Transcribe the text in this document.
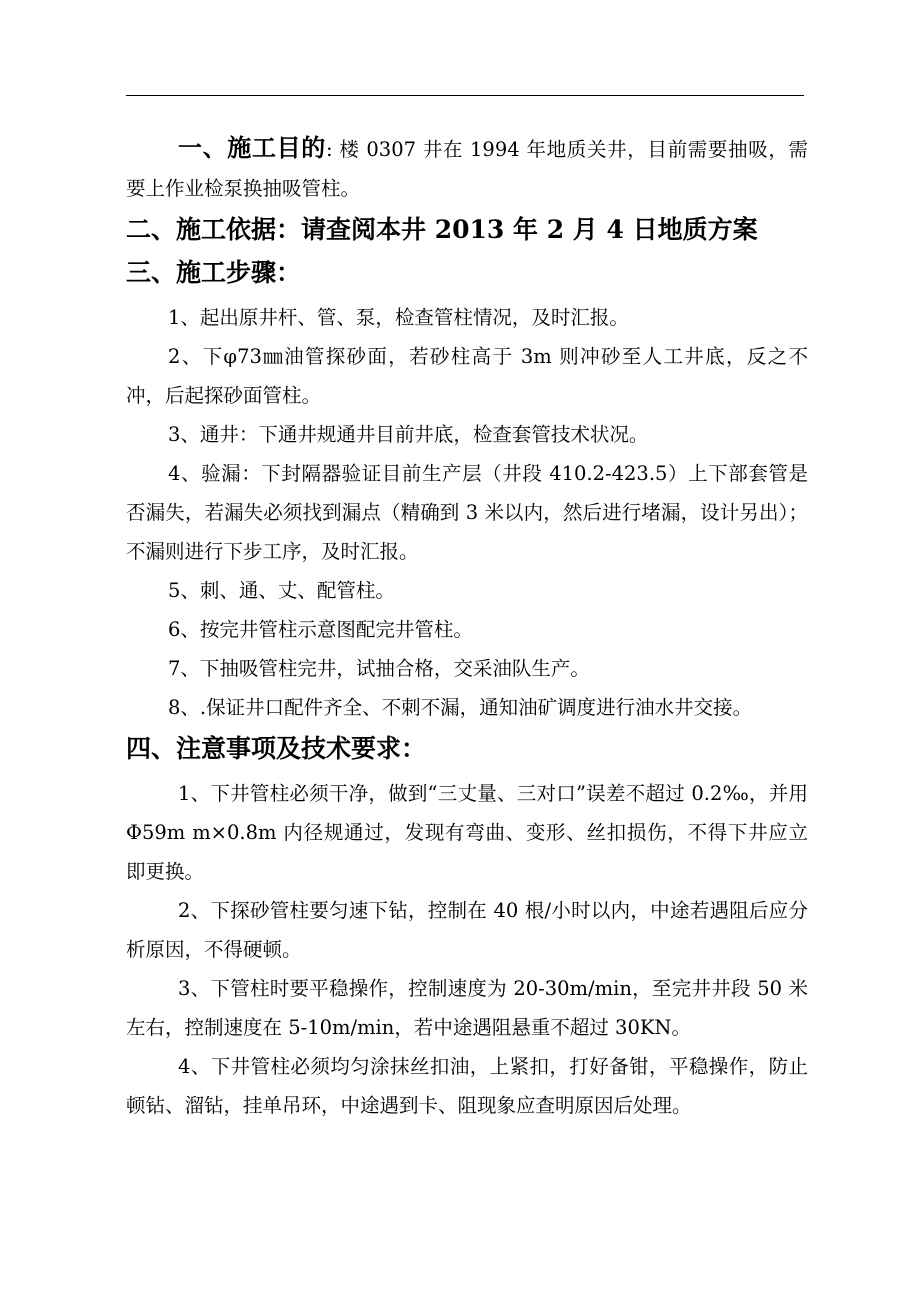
一、施工目的: 楼 0307 井在 1994 年地质关井，目前需要抽吸，需要上作业检泵换抽吸管柱。

二、施工依据：请查阅本井 2013 年 2 月 4 日地质方案

三、施工步骤：

1、起出原井杆、管、泵，检查管柱情况，及时汇报。

2、下φ73㎜油管探砂面，若砂柱高于 3m 则冲砂至人工井底，反之不冲，后起探砂面管柱。

3、通井：下通井规通井目前井底，检查套管技术状况。

4、验漏：下封隔器验证目前生产层（井段 410.2-423.5）上下部套管是否漏失，若漏失必须找到漏点（精确到 3 米以内，然后进行堵漏，设计另出）；不漏则进行下步工序，及时汇报。

5、刺、通、丈、配管柱。

6、按完井管柱示意图配完井管柱。

7、下抽吸管柱完井，试抽合格，交采油队生产。

8、.保证井口配件齐全、不刺不漏，通知油矿调度进行油水井交接。

四、注意事项及技术要求：

1、下井管柱必须干净，做到“三丈量、三对口”误差不超过 0.2‰，并用Φ59m m×0.8m 内径规通过，发现有弯曲、变形、丝扣损伤，不得下井应立即更换。

2、下探砂管柱要匀速下钻，控制在 40 根/小时以内，中途若遇阻后应分析原因，不得硬顿。

3、下管柱时要平稳操作，控制速度为 20-30m/min，至完井井段 50 米左右，控制速度在 5-10m/min，若中途遇阻悬重不超过 30KN。

4、下井管柱必须均匀涂抹丝扣油，上紧扣，打好备钳，平稳操作，防止顿钻、溜钻，挂单吊环，中途遇到卡、阻现象应查明原因后处理。
